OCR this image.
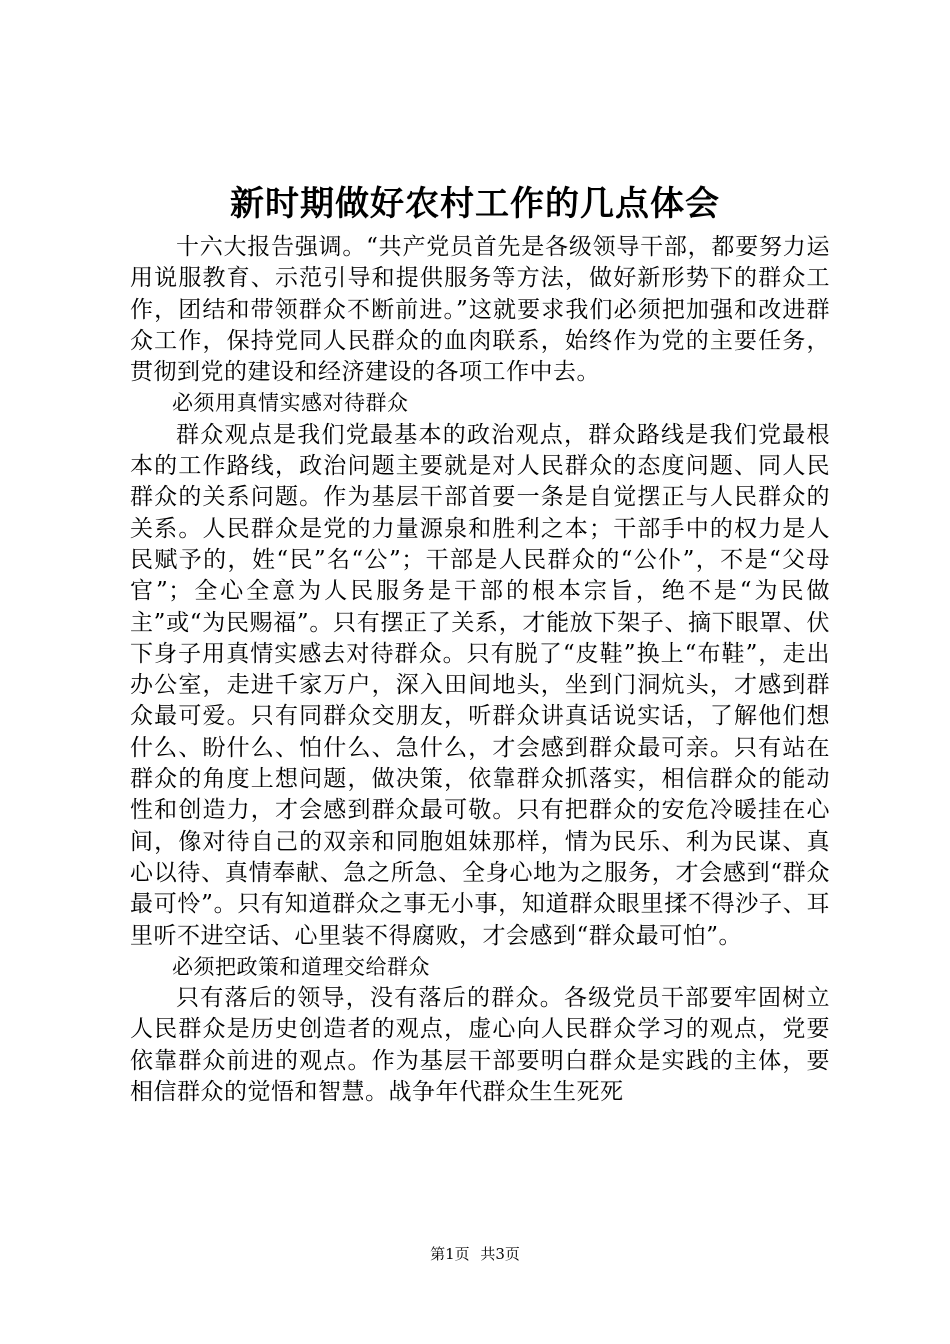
新时期做好农村工作的几点体会

十六大报告强调。“共产党员首先是各级领导干部，都要努力运用说服教育、示范引导和提供服务等方法，做好新形势下的群众工作，团结和带领群众不断前进。”这就要求我们必须把加强和改进群众工作，保持党同人民群众的血肉联系，始终作为党的主要任务，贯彻到党的建设和经济建设的各项工作中去。

必须用真情实感对待群众

群众观点是我们党最基本的政治观点，群众路线是我们党最根本的工作路线，政治问题主要就是对人民群众的态度问题、同人民群众的关系问题。作为基层干部首要一条是自觉摆正与人民群众的关系。人民群众是党的力量源泉和胜利之本；干部手中的权力是人民赋予的，姓“民”名“公”；干部是人民群众的“公仆”，不是“父母官”；全心全意为人民服务是干部的根本宗旨，绝不是“为民做主”或“为民赐福”。只有摆正了关系，才能放下架子、摘下眼罩、伏下身子用真情实感去对待群众。只有脱了“皮鞋”换上“布鞋”，走出办公室，走进千家万户，深入田间地头，坐到门洞炕头，才感到群众最可爱。只有同群众交朋友，听群众讲真话说实话，了解他们想什么、盼什么、怕什么、急什么，才会感到群众最可亲。只有站在群众的角度上想问题，做决策，依靠群众抓落实，相信群众的能动性和创造力，才会感到群众最可敬。只有把群众的安危冷暖挂在心间，像对待自己的双亲和同胞姐妹那样，情为民乐、利为民谋、真心以待、真情奉献、急之所急、全身心地为之服务，才会感到“群众最可怜”。只有知道群众之事无小事，知道群众眼里揉不得沙子、耳里听不进空话、心里装不得腐败，才会感到“群众最可怕”。

必须把政策和道理交给群众

只有落后的领导，没有落后的群众。各级党员干部要牢固树立人民群众是历史创造者的观点，虚心向人民群众学习的观点，党要依靠群众前进的观点。作为基层干部要明白群众是实践的主体，要相信群众的觉悟和智慧。战争年代群众生生死死

第1页 共3页
